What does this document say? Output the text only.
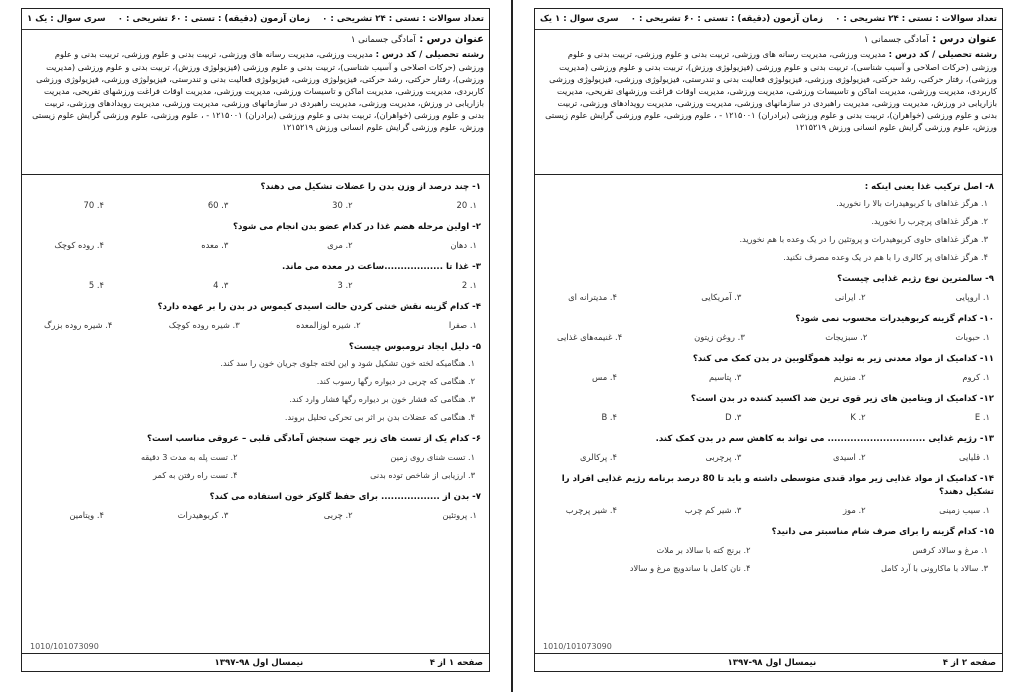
تعداد سوالات : تستی : ۲۴ تشریحی : ۰
زمان آزمون (دقیقه) : تستی : ۶۰ تشریحی : ۰
سری سوال : یک ۱
عنوان درس : آمادگی جسمانی ۱
رشته تحصیلی / کد درس : مدیریت ورزشی، مدیریت رسانه های ورزشی، تربیت بدنی و علوم ورزشی، تربیت بدنی و علوم ورزشی (حرکات اصلاحی و آسیب شناسی)، تربیت بدنی و علوم ورزشی (فیزیولوژی ورزش)، تربیت بدنی و علوم ورزشی (مدیریت ورزشی)، رفتار حرکتی، رشد حرکتی، فیزیولوژی ورزشی، فیزیولوژی فعالیت بدنی و تندرستی، فیزیولوژی ورزشی، فیزیولوژی ورزشی کاربردی، مدیریت ورزشی، مدیریت اماکن و تاسیسات ورزشی، مدیریت ورزشی، مدیریت اوقات فراغت ورزشهای تفریحی، مدیریت بازاریابی در ورزش، مدیریت ورزشی، مدیریت راهبردی در سازمانهای ورزشی، مدیریت ورزشی، مدیریت رویدادهای ورزشی، تربیت بدنی و علوم ورزشی (خواهران)، تربیت بدنی و علوم ورزشی (برادران) ۱۲۱۵۰۰۱ - ، علوم ورزشی، علوم ورزشی گرایش علوم زیستی ورزش، علوم ورزشی گرایش علوم انسانی ورزش ۱۲۱۵۲۱۹
۱- چند درصد از وزن بدن را عضلات تشکیل می دهند؟
۱. 20
۲. 30
۳. 60
۴. 70
۲- اولین مرحله هضم غذا در کدام عضو بدن انجام می شود؟
۱. دهان
۲. مری
۳. معده
۴. روده کوچک
۳- غذا تا ..................ساعت در معده می ماند.
۱. 2
۲. 3
۳. 4
۴. 5
۴- کدام گزینه نقش خنثی کردن حالت اسیدی کیموس در بدن را بر عهده دارد؟
۱. صفرا
۲. شیره لوزالمعده
۳. شیره روده کوچک
۴. شیره روده بزرگ
۵- دلیل ایجاد ترومبوس چیست؟
۱. هنگامیکه لخته خون تشکیل شود و این لخته جلوی جریان خون را سد کند.
۲. هنگامی که چربی در دیواره رگها رسوب کند.
۳. هنگامی که فشار خون بر دیواره رگها فشار وارد کند.
۴. هنگامی که عضلات بدن بر اثر بی تحرکی تحلیل بروند.
۶- کدام یک از تست های زیر جهت سنجش آمادگی قلبی – عروقی مناسب است؟
۱. تست شنای روی زمین
۲. تست پله به مدت 3 دقیقه
۳. ارزیابی از شاخص توده بدنی
۴. تست راه رفتن به کمر
۷- بدن از .................. برای حفظ گلوکز خون استفاده می کند؟
۱. پروتئین
۲. چربی
۳. کربوهیدرات
۴. ویتامین
1010/101073090
صفحه ۱ از ۴
نیمسال اول ۹۸-۱۳۹۷
تعداد سوالات : تستی : ۲۴ تشریحی : ۰
زمان آزمون (دقیقه) : تستی : ۶۰ تشریحی : ۰
سری سوال : ۱ یک
عنوان درس : آمادگی جسمانی ۱
رشته تحصیلی / کد درس : مدیریت ورزشی، مدیریت رسانه های ورزشی، تربیت بدنی و علوم ورزشی، تربیت بدنی و علوم ورزشی (حرکات اصلاحی و آسیب شناسی)، تربیت بدنی و علوم ورزشی (فیزیولوژی ورزش)، تربیت بدنی و علوم ورزشی (مدیریت ورزشی)، رفتار حرکتی، رشد حرکتی، فیزیولوژی ورزشی، فیزیولوژی فعالیت بدنی و تندرستی، فیزیولوژی ورزشی، فیزیولوژی ورزشی کاربردی، مدیریت ورزشی، مدیریت اماکن و تاسیسات ورزشی، مدیریت ورزشی، مدیریت اوقات فراغت ورزشهای تفریحی، مدیریت بازاریابی در ورزش، مدیریت ورزشی، مدیریت راهبردی در سازمانهای ورزشی، مدیریت ورزشی، مدیریت رویدادهای ورزشی، تربیت بدنی و علوم ورزشی (خواهران)، تربیت بدنی و علوم ورزشی (برادران) ۱۲۱۵۰۰۱ - ، علوم ورزشی، علوم ورزشی گرایش علوم زیستی ورزش، علوم ورزشی گرایش علوم انسانی ورزش ۱۲۱۵۲۱۹
۸- اصل ترکیب غذا یعنی اینکه :
۱. هرگز غذاهای با کربوهیدرات بالا را نخورید.
۲. هرگز غذاهای پرچرب را نخورید.
۳. هرگز غذاهای حاوی کربوهیدرات و پروتئین را در یک وعده با هم نخورید.
۴. هرگز غذاهای پر کالری را با هم در یک وعده مصرف نکنید.
۹- سالمترین نوع رژیم غذایی چیست؟
۱. اروپایی
۲. ایرانی
۳. آمریکایی
۴. مدیترانه ای
۱۰- کدام گزینه کربوهیدرات محسوب نمی شود؟
۱. حبوبات
۲. سبزیجات
۳. روغن زیتون
۴. غنیمه‌های غذایی
۱۱- کدامیک از مواد معدنی زیر به تولید هموگلوبین در بدن کمک می کند؟
۱. کروم
۲. منیزیم
۳. پتاسیم
۴. مس
۱۲- کدامیک از ویتامین های زیر قوی ترین ضد اکسید کننده در بدن است؟
۱. E
۲. K
۳. D
۴. B
۱۳- رژیم غذایی .............................. می تواند به کاهش سم در بدن کمک کند.
۱. قلیایی
۲. اسیدی
۳. پرچربی
۴. پرکالری
۱۴- کدامیک از مواد غذایی زیر مواد قندی متوسطی داشته و باید تا 80 درصد برنامه رژیم غذایی افراد را تشکیل دهند؟
۱. سیب زمینی
۲. موز
۳. شیر کم چرب
۴. شیر پرچرب
۱۵- کدام گزینه را برای صرف شام مناسبتر می دانید؟
۱. مرغ و سالاد کرفس
۲. برنج کته با سالاد بر ملات
۳. سالاد با ماکارونی با آرد کامل
۴. نان کامل با ساندویچ مرغ و سالاد
1010/101073090
صفحه ۲ از ۴
نیمسال اول ۹۸-۱۳۹۷
